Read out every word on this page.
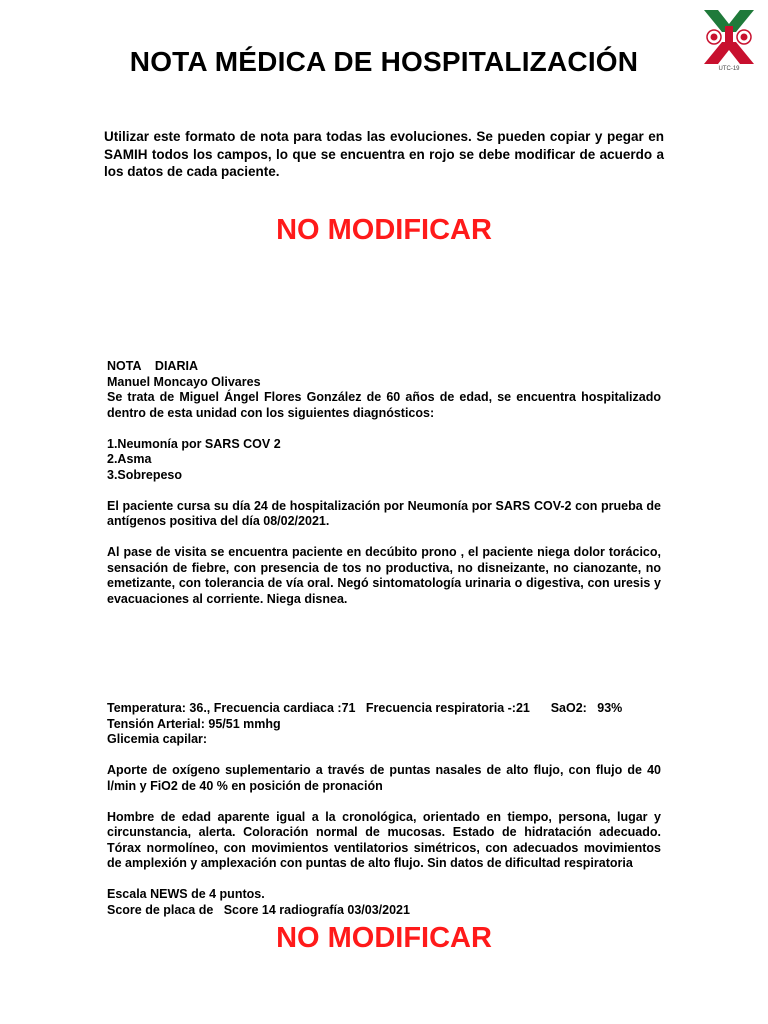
NOTA MÉDICA DE HOSPITALIZACIÓN	UTC-19
Utilizar este formato de nota para todas las evoluciones. Se pueden copiar y pegar en SAMIH todos los campos, lo que se encuentra en rojo se debe modificar de acuerdo a los datos de cada paciente.
NO MODIFICAR
NOTA    DIARIA
Manuel Moncayo Olivares
Se trata de Miguel Ángel Flores González de 60 años de edad, se encuentra hospitalizado dentro de esta unidad con los siguientes diagnósticos:
1.Neumonía por SARS COV 2
2.Asma
3.Sobrepeso
El paciente cursa su día 24 de hospitalización por Neumonía por SARS COV-2 con prueba de antígenos positiva del día 08/02/2021.
Al pase de visita se encuentra paciente en decúbito prono , el paciente niega dolor torácico, sensación de fiebre, con presencia de tos no productiva, no disneizante, no cianozante, no emetizante, con tolerancia de vía oral. Negó sintomatología urinaria o digestiva, con uresis y evacuaciones al corriente. Niega disnea.
Temperatura: 36., Frecuencia cardiaca :71   Frecuencia respiratoria -:21      SaO2:   93%
Tensión Arterial: 95/51 mmhg
Glicemia capilar:
Aporte de oxígeno suplementario a través de puntas nasales de alto flujo, con flujo de 40 l/min y FiO2 de 40 % en posición de pronación
Hombre de edad aparente igual a la cronológica, orientado en tiempo, persona, lugar y circunstancia, alerta. Coloración normal de mucosas. Estado de hidratación adecuado. Tórax normolíneo, con movimientos ventilatorios simétricos, con adecuados movimientos de amplexión y amplexación con puntas de alto flujo. Sin datos de dificultad respiratoria
Escala NEWS de 4 puntos.
Score de placa de   Score 14 radiografía 03/03/2021
NO MODIFICAR
